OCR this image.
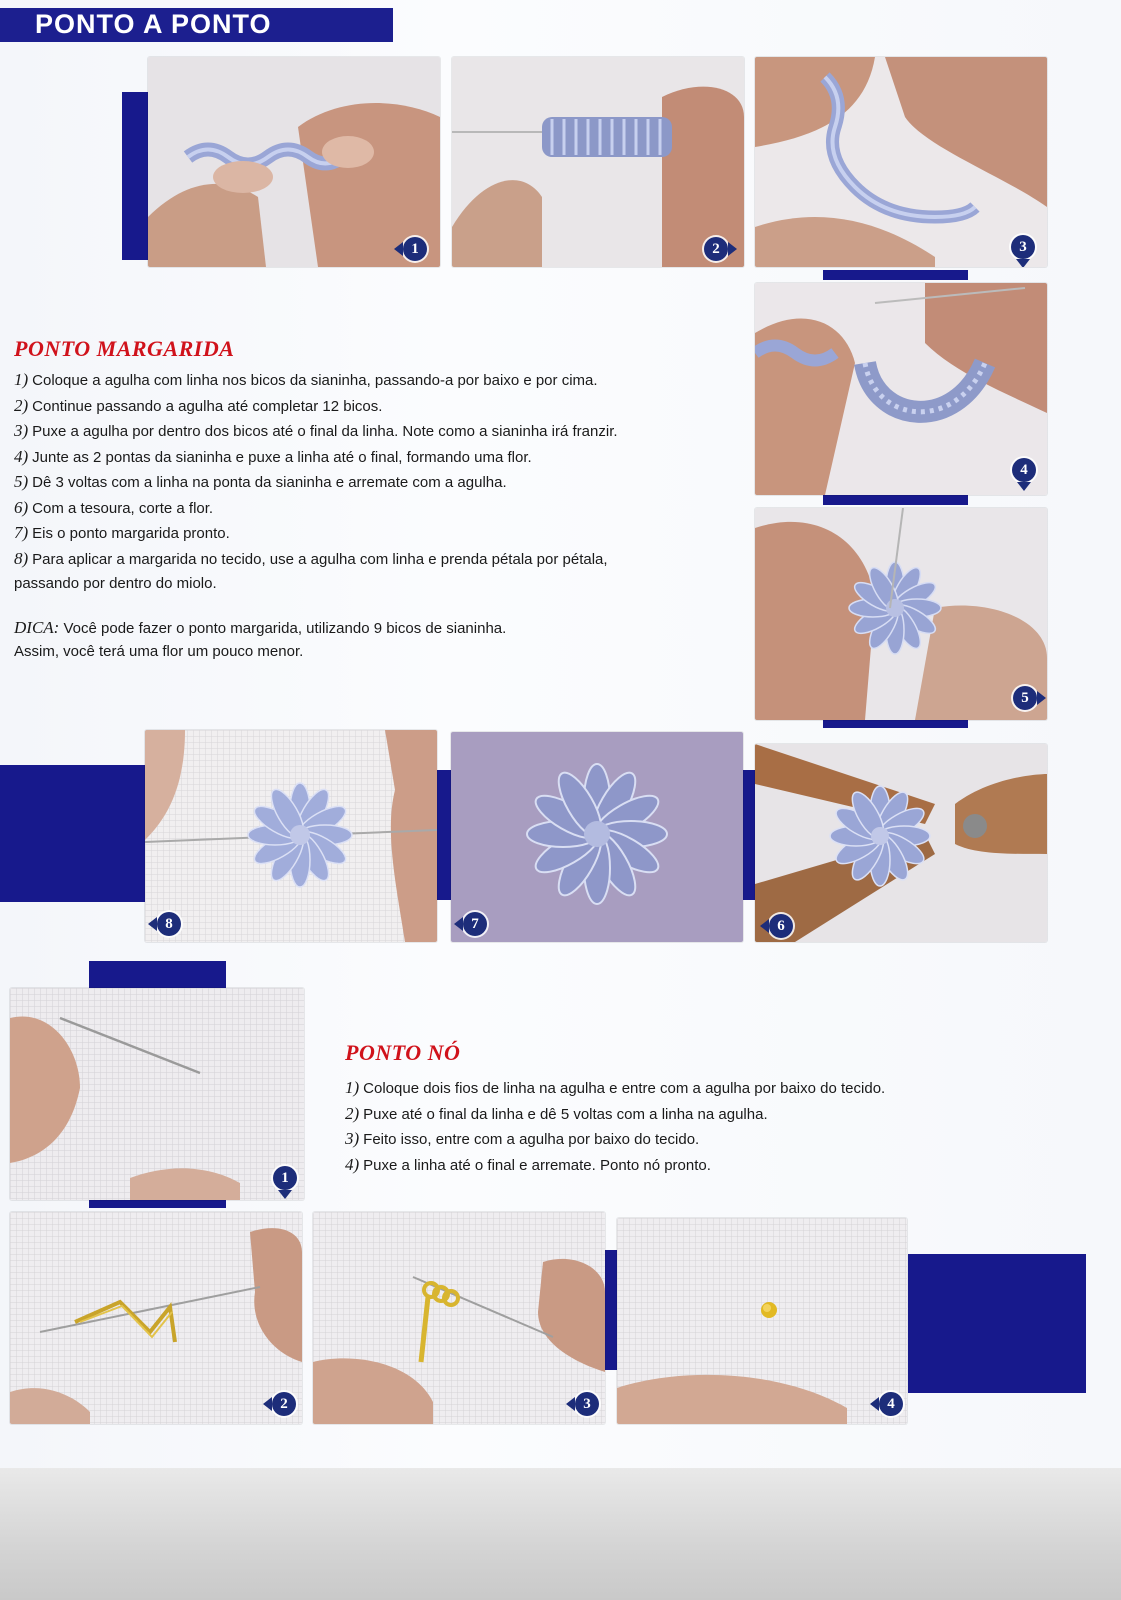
PONTO A PONTO
1	2	3
4
5
8	7	6
PONTO MARGARIDA
1) Coloque a agulha com linha nos bicos da sianinha, passando-a por baixo e por cima.
2) Continue passando a agulha até completar 12 bicos.
3) Puxe a agulha por dentro dos bicos até o final da linha. Note como a sianinha irá franzir.
4) Junte as 2 pontas da sianinha e puxe a linha até o final, formando uma flor.
5) Dê 3 voltas com a linha na ponta da sianinha e arremate com a agulha.
6) Com a tesoura, corte a flor.
7) Eis o ponto margarida pronto.
8) Para aplicar a margarida no tecido, use a agulha com linha e prenda pétala por pétala,
passando por dentro do miolo.
DICA: Você pode fazer o ponto margarida, utilizando 9 bicos de sianinha.
Assim, você terá uma flor um pouco menor.
1
2	3	4
PONTO NÓ
1) Coloque dois fios de linha na agulha e entre com a agulha por baixo do tecido.
2) Puxe até o final da linha e dê 5 voltas com a linha na agulha.
3) Feito isso, entre com a agulha por baixo do tecido.
4) Puxe a linha até o final e arremate. Ponto nó pronto.
